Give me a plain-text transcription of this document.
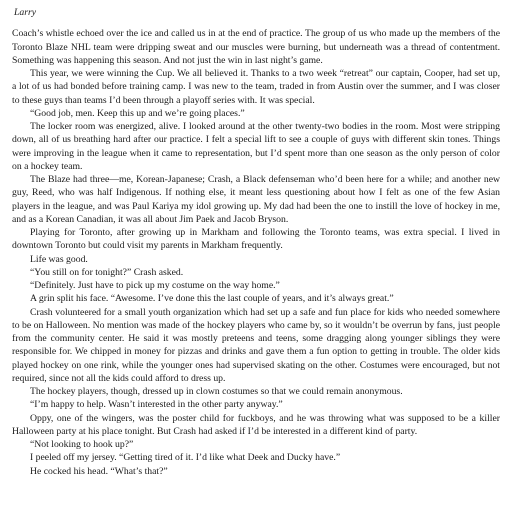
Larry

Coach’s whistle echoed over the ice and called us in at the end of practice. The group of us who made up the members of the Toronto Blaze NHL team were dripping sweat and our muscles were burning, but underneath was a thread of contentment. Something was happening this season. And not just the win in last night’s game.

This year, we were winning the Cup. We all believed it. Thanks to a two week “retreat” our captain, Cooper, had set up, a lot of us had bonded before training camp. I was new to the team, traded in from Austin over the summer, and I was closer to these guys than teams I’d been through a playoff series with. It was special.

“Good job, men. Keep this up and we’re going places.”

The locker room was energized, alive. I looked around at the other twenty-two bodies in the room. Most were stripping down, all of us breathing hard after our practice. I felt a special lift to see a couple of guys with different skin tones. Things were improving in the league when it came to representation, but I’d spent more than one season as the only person of color on a hockey team.

The Blaze had three—me, Korean-Japanese; Crash, a Black defenseman who’d been here for a while; and another new guy, Reed, who was half Indigenous. If nothing else, it meant less questioning about how I felt as one of the few Asian players in the league, and was Paul Kariya my idol growing up. My dad had been the one to instill the love of hockey in me, and as a Korean Canadian, it was all about Jim Paek and Jacob Bryson.

Playing for Toronto, after growing up in Markham and following the Toronto teams, was extra special. I lived in downtown Toronto but could visit my parents in Markham frequently.

Life was good.

“You still on for tonight?” Crash asked.

“Definitely. Just have to pick up my costume on the way home.”

A grin split his face. “Awesome. I’ve done this the last couple of years, and it’s always great.”

Crash volunteered for a small youth organization which had set up a safe and fun place for kids who needed somewhere to be on Halloween. No mention was made of the hockey players who came by, so it wouldn’t be overrun by fans, just people from the community center. He said it was mostly preteens and teens, some dragging along younger siblings they were responsible for. We chipped in money for pizzas and drinks and gave them a fun option to getting in trouble. The older kids played hockey on one rink, while the younger ones had supervised skating on the other. Costumes were encouraged, but not required, since not all the kids could afford to dress up.

The hockey players, though, dressed up in clown costumes so that we could remain anonymous.

“I’m happy to help. Wasn’t interested in the other party anyway.”

Oppy, one of the wingers, was the poster child for fuckboys, and he was throwing what was supposed to be a killer Halloween party at his place tonight. But Crash had asked if I’d be interested in a different kind of party.

“Not looking to hook up?”

I peeled off my jersey. “Getting tired of it. I’d like what Deek and Ducky have.”

He cocked his head. “What’s that?”
